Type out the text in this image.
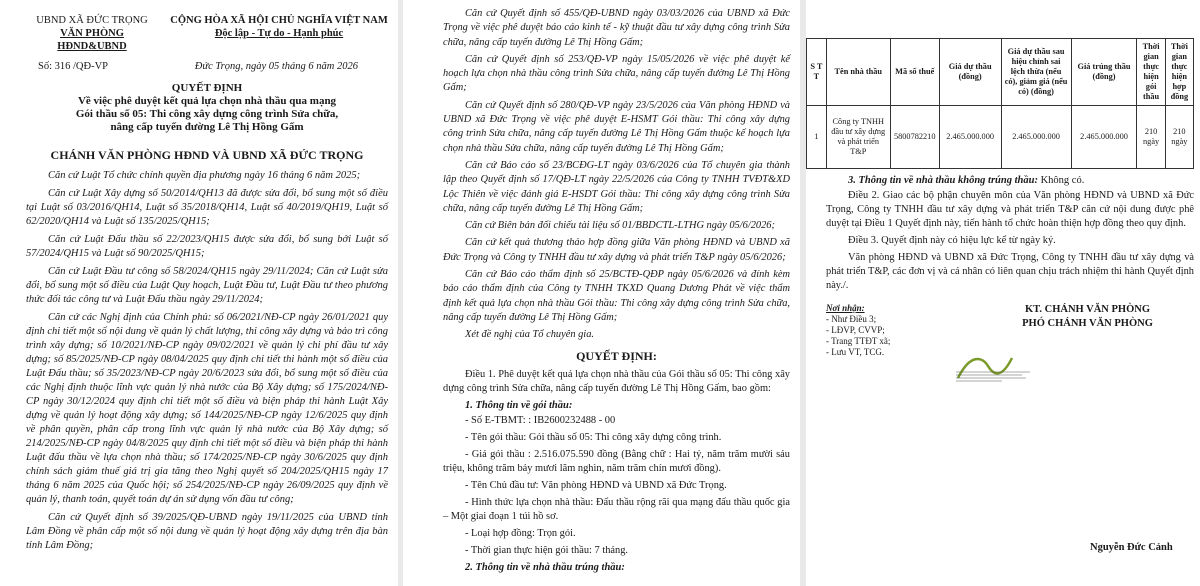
UBND XÃ ĐỨC TRỌNG
VĂN PHÒNG HĐND&UBND
CỘNG HÒA XÃ HỘI CHỦ NGHĨA VIỆT NAM
Độc lập - Tự do - Hạnh phúc
Số: 316 /QĐ-VP	Đức Trọng, ngày 05 tháng 6 năm 2026
QUYẾT ĐỊNH
Về việc phê duyệt kết quả lựa chọn nhà thầu qua mạng
Gói thầu số 05: Thi công xây dựng công trình Sửa chữa,
nâng cấp tuyến đường Lê Thị Hồng Gấm
CHÁNH VĂN PHÒNG HĐND VÀ UBND XÃ ĐỨC TRỌNG

Căn cứ Luật Tổ chức chính quyền địa phương ngày 16 tháng 6 năm 2025;

Căn cứ Luật Xây dựng số 50/2014/QH13 đã được sửa đổi, bổ sung một số điều tại Luật số 03/2016/QH14, Luật số 35/2018/QH14, Luật số 40/2019/QH19, Luật số 62/2020/QH14 và Luật số 135/2025/QH15;

Căn cứ Luật Đấu thầu số 22/2023/QH15 được sửa đổi, bổ sung bởi Luật số 57/2024/QH15 và Luật số 90/2025/QH15;

Căn cứ Luật Đầu tư công số 58/2024/QH15 ngày 29/11/2024; Căn cứ Luật sửa đổi, bổ sung một số điều của Luật Quy hoạch, Luật Đầu tư, Luật Đầu tư theo phương thức đối tác công tư và Luật Đấu thầu ngày 29/11/2024;

Căn cứ các Nghị định của Chính phủ: số 06/2021/NĐ-CP ngày 26/01/2021 quy định chi tiết một số nội dung về quản lý chất lượng, thi công xây dựng và bảo trì công trình xây dựng; số 10/2021/NĐ-CP ngày 09/02/2021 về quản lý chi phí đầu tư xây dựng; số 85/2025/NĐ-CP ngày 08/04/2025 quy định chi tiết thi hành một số điều của Luật Đấu thầu; số 35/2023/NĐ-CP ngày 20/6/2023 sửa đổi, bổ sung một số điều của các Nghị định thuộc lĩnh vực quản lý nhà nước của Bộ Xây dựng; số 175/2024/NĐ-CP ngày 30/12/2024 quy định chi tiết một số điều và biện pháp thi hành Luật Xây dựng về quản lý hoạt động xây dựng; số 144/2025/NĐ-CP ngày 12/6/2025 quy định về phân quyền, phân cấp trong lĩnh vực quản lý nhà nước của Bộ Xây dựng; số 214/2025/NĐ-CP ngày 04/8/2025 quy định chi tiết một số điều và biện pháp thi hành Luật đấu thầu về lựa chọn nhà thầu; số 174/2025/NĐ-CP ngày 30/6/2025 quy định chính sách giảm thuế giá trị gia tăng theo Nghị quyết số 204/2025/QH15 ngày 17 tháng 6 năm 2025 của Quốc hội; số 254/2025/NĐ-CP ngày 26/09/2025 quy định về quản lý, thanh toán, quyết toán dự án sử dụng vốn đầu tư công;

Căn cứ Quyết định số 39/2025/QĐ-UBND ngày 19/11/2025 của UBND tỉnh Lâm Đồng về phân cấp một số nội dung về quản lý hoạt động xây dựng trên địa bàn tỉnh Lâm Đồng;

Căn cứ Quyết định số 455/QĐ-UBND ngày 03/03/2026 của UBND xã Đức Trọng về việc phê duyệt báo cáo kinh tế - kỹ thuật đầu tư xây dựng công trình Sửa chữa, nâng cấp tuyến đường Lê Thị Hồng Gấm;

Căn cứ Quyết định số 253/QĐ-VP ngày 15/05/2026 về việc phê duyệt kế hoạch lựa chọn nhà thầu công trình Sửa chữa, nâng cấp tuyến đường Lê Thị Hồng Gấm;

Căn cứ Quyết định số 280/QĐ-VP ngày 23/5/2026 của Văn phòng HĐND và UBND xã Đức Trọng về việc phê duyệt E-HSMT Gói thầu: Thi công xây dựng công trình Sửa chữa, nâng cấp tuyến đường Lê Thị Hồng Gấm thuộc kế hoạch lựa chọn nhà thầu Sửa chữa, nâng cấp tuyến đường Lê Thị Hồng Gấm;

Căn cứ Báo cáo số 23/BCĐG-LT ngày 03/6/2026 của Tổ chuyên gia thành lập theo Quyết định số 17/QĐ-LT ngày 22/5/2026 của Công ty TNHH TVĐT&XD Lộc Thiên về việc đánh giá E-HSDT Gói thầu: Thi công xây dựng công trình Sửa chữa, nâng cấp tuyến đường Lê Thị Hồng Gấm;

Căn cứ Biên bản đối chiếu tài liệu số 01/BBDCTL-LTHG ngày 05/6/2026;

Căn cứ kết quả thương thảo hợp đồng giữa Văn phòng HĐND và UBND xã Đức Trọng và Công ty TNHH đầu tư xây dựng và phát triển T&P ngày 05/6/2026;

Căn cứ Báo cáo thẩm định số 25/BCTĐ-QĐP ngày 05/6/2026 và đính kèm báo cáo thẩm định của Công ty TNHH TKXD Quang Dương Phát về việc thẩm định kết quả lựa chọn nhà thầu Gói thầu: Thi công xây dựng công trình Sửa chữa, nâng cấp tuyến đường Lê Thị Hồng Gấm;

Xét đề nghị của Tổ chuyên gia.

QUYẾT ĐỊNH:

Điều 1. Phê duyệt kết quả lựa chọn nhà thầu của Gói thầu số 05: Thi công xây dựng công trình Sửa chữa, nâng cấp tuyến đường Lê Thị Hồng Gấm, bao gồm:

1. Thông tin về gói thầu:

- Số E-TBMT: : IB2600232488 - 00

- Tên gói thầu: Gói thầu số 05: Thi công xây dựng công trình.

- Giá gói thầu : 2.516.075.590 đồng (Bằng chữ : Hai tỷ, năm trăm mười sáu triệu, không trăm bảy mươi lăm nghìn, năm trăm chín mươi đồng).

- Tên Chủ đầu tư: Văn phòng HĐND và UBND xã Đức Trọng.

- Hình thức lựa chọn nhà thầu: Đấu thầu rộng rãi qua mạng đấu thầu quốc gia – Một giai đoạn 1 túi hồ sơ.

- Loại hợp đồng: Trọn gói.

- Thời gian thực hiện gói thầu: 7 tháng.

2. Thông tin về nhà thầu trúng thầu:
S T T	Tên nhà thầu	Mã số thuế	Giá dự thầu (đồng)	Giá dự thầu sau hiệu chỉnh sai lệch thừa (nếu có), giảm giá (nếu có) (đồng)	Giá trúng thầu (đồng)	Thời gian thực hiện gói thầu	Thời gian thực hiện hợp đồng
1	Công ty TNHH đầu tư xây dựng và phát triển T&P	5800782210	2.465.000.000	2.465.000.000	2.465.000.000	210 ngày	210 ngày
3. Thông tin về nhà thầu không trúng thầu: Không có.

Điều 2. Giao các bộ phận chuyên môn của Văn phòng HĐND và UBND xã Đức Trọng, Công ty TNHH đầu tư xây dựng và phát triển T&P căn cứ nội dung được phê duyệt tại Điều 1 Quyết định này, tiến hành tổ chức hoàn thiện hợp đồng theo quy định.

Điều 3. Quyết định này có hiệu lực kể từ ngày ký.

Văn phòng HĐND và UBND xã Đức Trọng, Công ty TNHH đầu tư xây dựng và phát triển T&P, các đơn vị và cá nhân có liên quan chịu trách nhiệm thi hành Quyết định này./.

Nơi nhận:
- Như Điều 3;
- LĐVP, CVVP;
- Trang TTĐT xã;
- Lưu VT, TCG.
KT. CHÁNH VĂN PHÒNG
PHÓ CHÁNH VĂN PHÒNG
Nguyễn Đức Cảnh
